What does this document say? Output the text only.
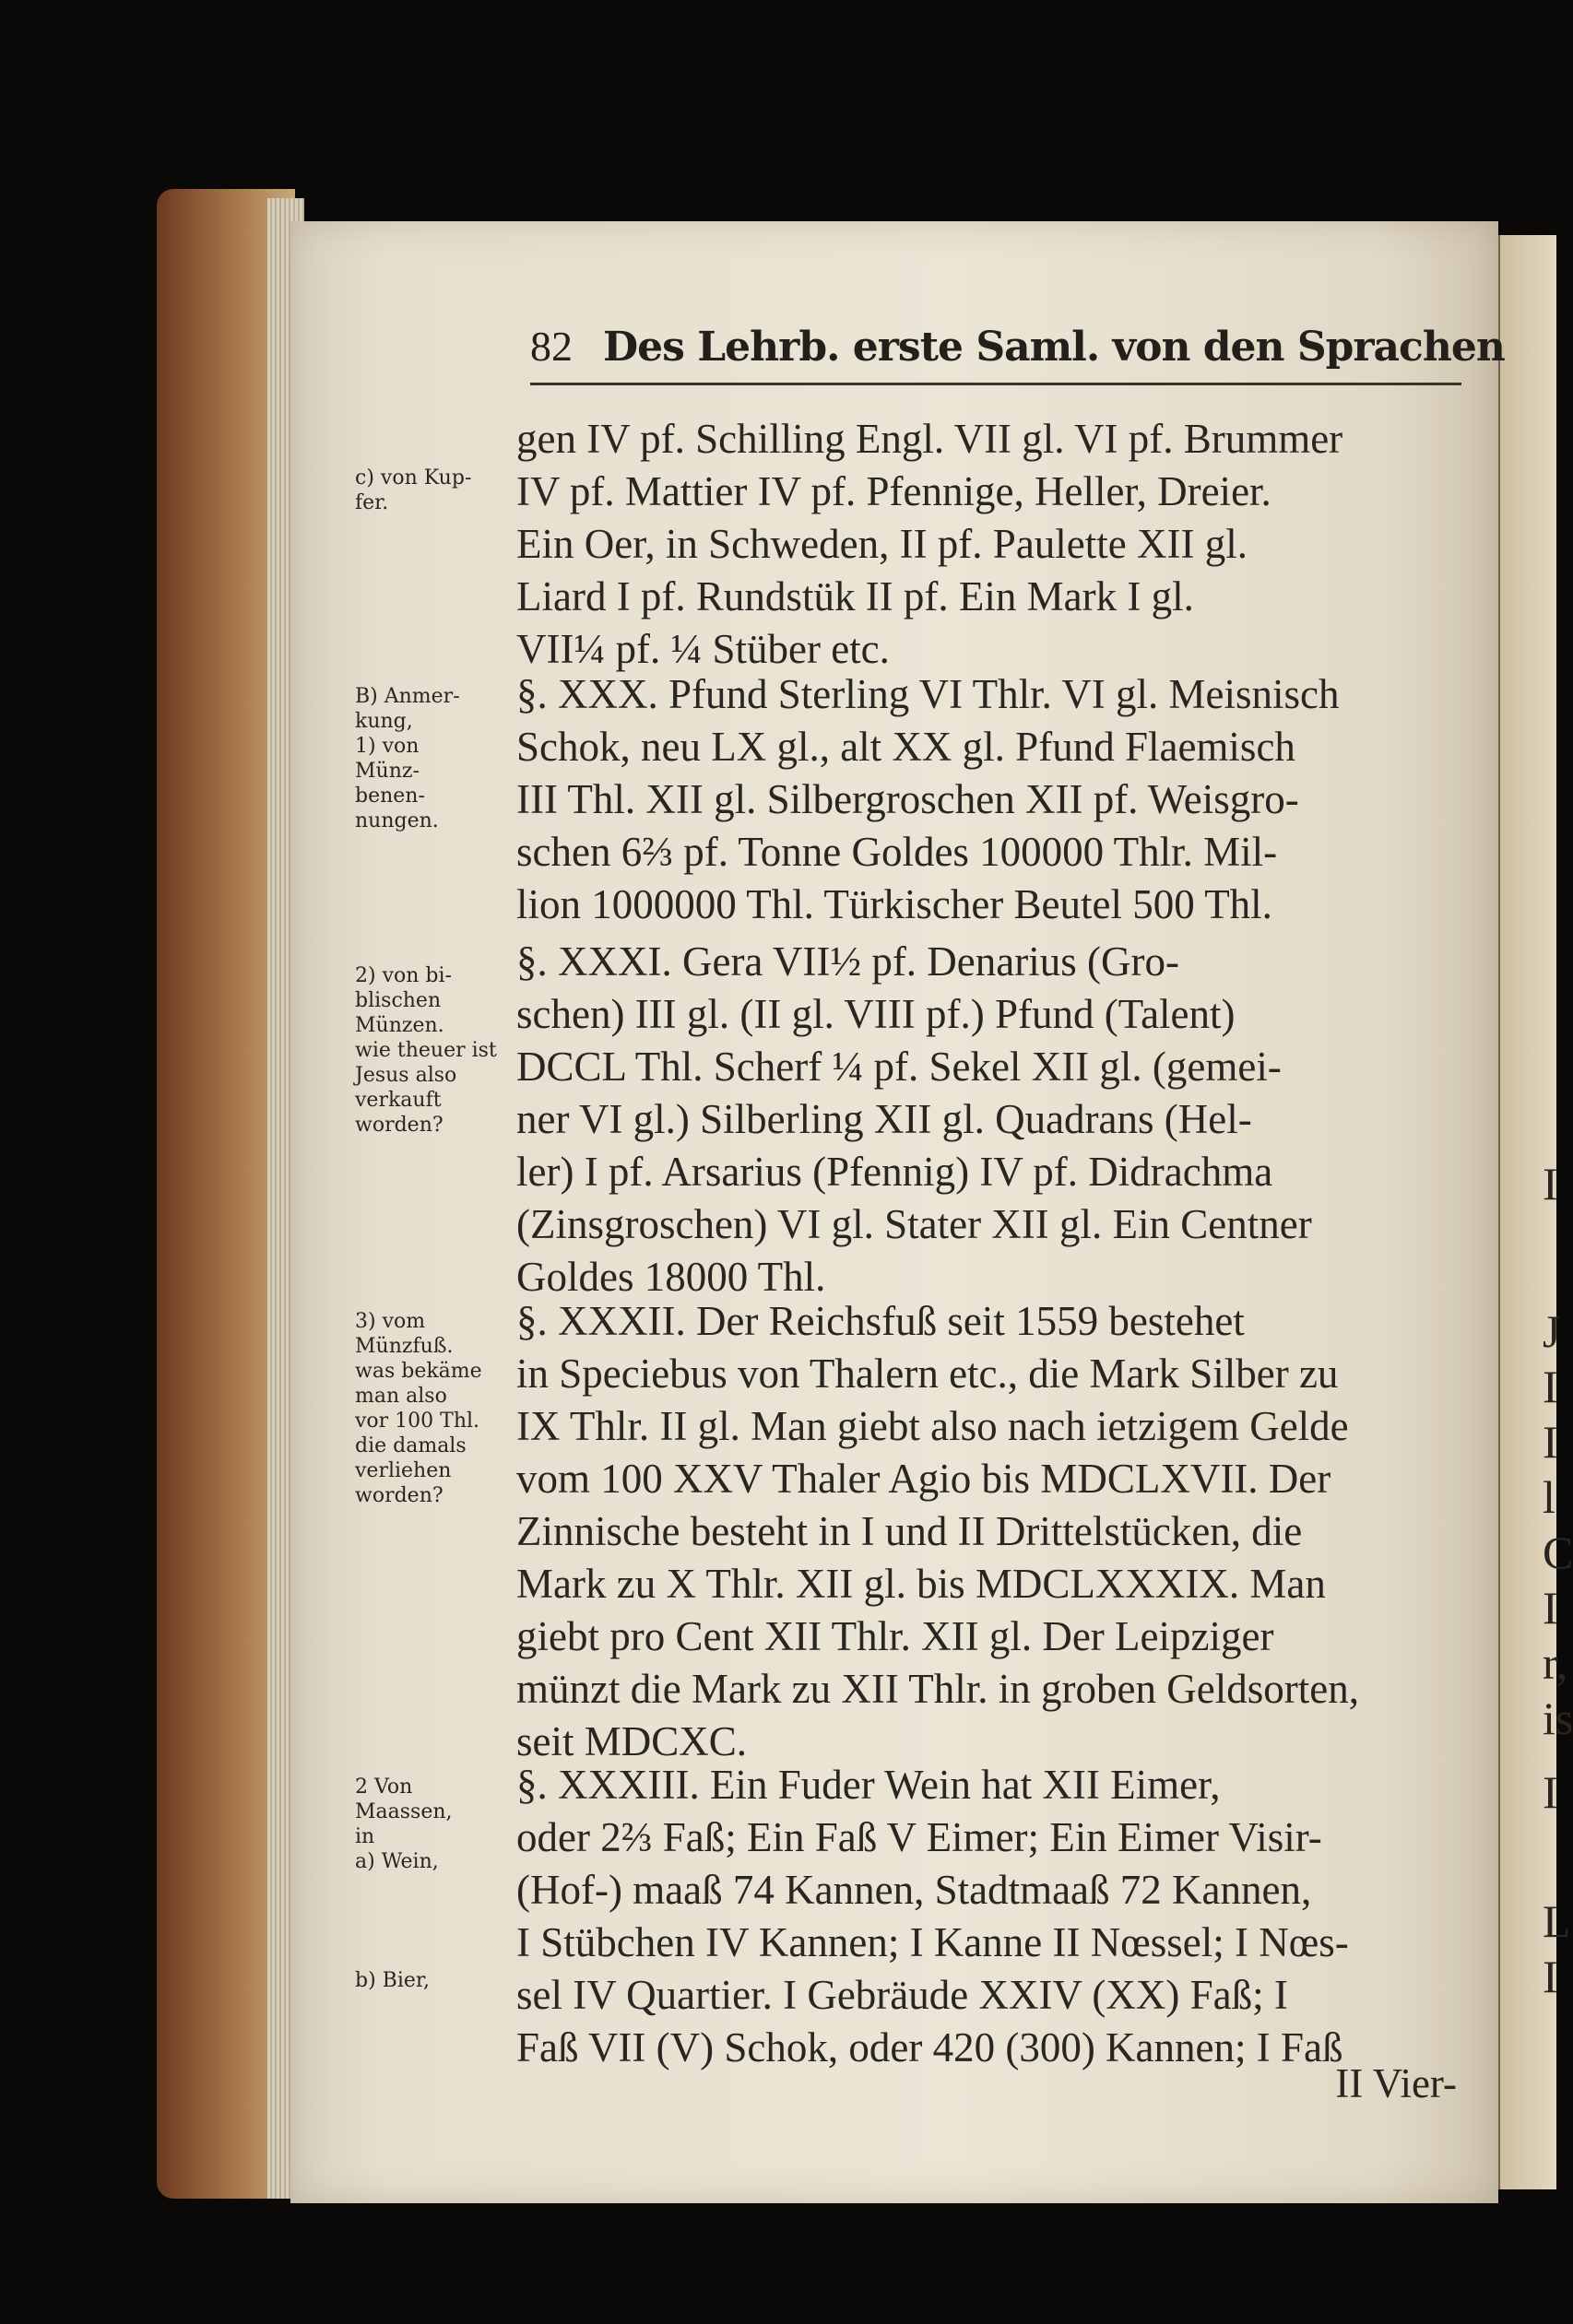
I
J
I
I
l
C
I
r,
is
I
L
I
82 Des Lehrb. erste Saml. von den Sprachen
gen IV pf. Schilling Engl. VII gl. VI pf. Brummer
IV pf. Mattier IV pf. Pfennige, Heller, Dreier.
Ein Oer, in Schweden, II pf. Paulette XII gl.
Liard I pf. Rundstük II pf. Ein Mark I gl.
VII¼ pf. ¼ Stüber etc.
§. XXX. Pfund Sterling VI Thlr. VI gl. Meisnisch
Schok, neu LX gl., alt XX gl. Pfund Flaemisch
III Thl. XII gl. Silbergroschen XII pf. Weisgro-
schen 6⅔ pf. Tonne Goldes 100000 Thlr. Mil-
lion 1000000 Thl. Türkischer Beutel 500 Thl.
§. XXXI. Gera VII½ pf. Denarius (Gro-
schen) III gl. (II gl. VIII pf.) Pfund (Talent)
DCCL Thl. Scherf ¼ pf. Sekel XII gl. (gemei-
ner VI gl.) Silberling XII gl. Quadrans (Hel-
ler) I pf. Arsarius (Pfennig) IV pf. Didrachma
(Zinsgroschen) VI gl. Stater XII gl. Ein Centner
Goldes 18000 Thl.
§. XXXII. Der Reichsfuß seit 1559 bestehet
in Speciebus von Thalern etc., die Mark Silber zu
IX Thlr. II gl. Man giebt also nach ietzigem Gelde
vom 100 XXV Thaler Agio bis MDCLXVII. Der
Zinnische besteht in I und II Drittelstücken, die
Mark zu X Thlr. XII gl. bis MDCLXXXIX. Man
giebt pro Cent XII Thlr. XII gl. Der Leipziger
münzt die Mark zu XII Thlr. in groben Geldsorten,
seit MDCXC.
§. XXXIII. Ein Fuder Wein hat XII Eimer,
oder 2⅔ Faß; Ein Faß V Eimer; Ein Eimer Visir-
(Hof-) maaß 74 Kannen, Stadtmaaß 72 Kannen,
I Stübchen IV Kannen; I Kanne II Nœssel; I Nœs-
sel IV Quartier. I Gebräude XXIV (XX) Faß; I
Faß VII (V) Schok, oder 420 (300) Kannen; I Faß
II Vier-
c) von Kup-
fer.
B) Anmer-
kung,
1) von
Münz-
benen-
nungen.
2) von bi-
blischen
Münzen.
wie theuer ist
Jesus also
verkauft
worden?
3) vom
Münzfuß.
was bekäme
man also
vor 100 Thl.
die damals
verliehen
worden?
2 Von
Maassen,
in
a) Wein,
b) Bier,
